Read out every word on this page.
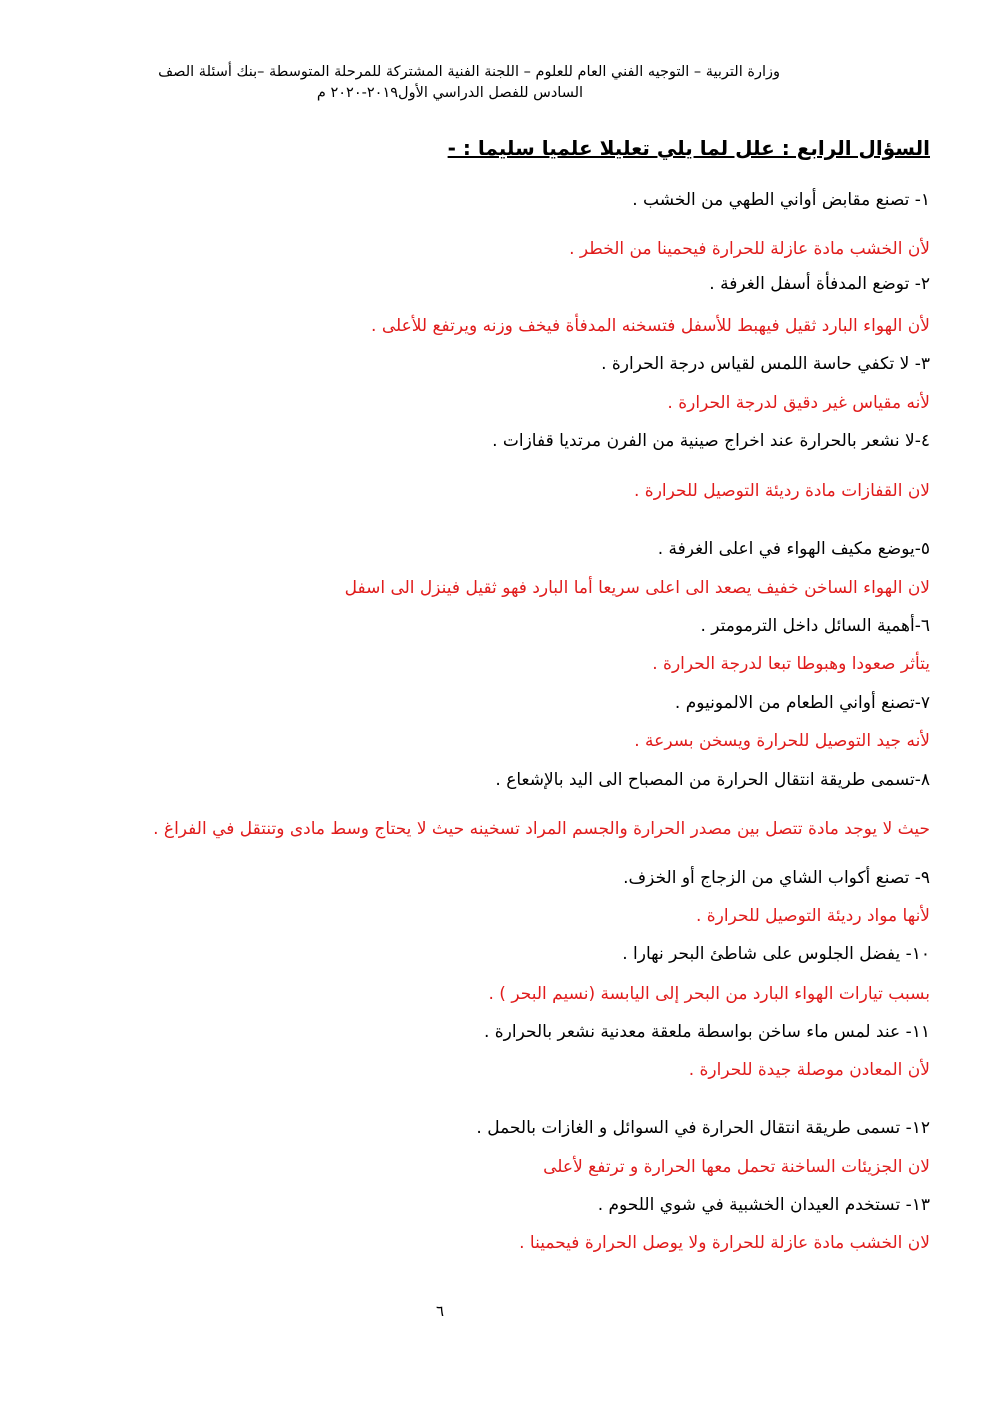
وزارة التربية – التوجيه الفني العام للعلوم – اللجنة الفنية المشتركة للمرحلة المتوسطة –بنك أسئلة الصف
السادس للفصل الدراسي الأول٢٠١٩-٢٠٢٠ م
السؤال الرابع : علل لما يلي تعليلا علميا سليما : -
١- تصنع مقابض أواني الطهي من الخشب .
لأن الخشب مادة عازلة للحرارة فيحمينا من الخطر .
٢- توضع المدفأة أسفل الغرفة .
لأن الهواء البارد ثقيل فيهبط للأسفل فتسخنه المدفأة فيخف وزنه ويرتفع للأعلى .
٣- لا تكفي حاسة اللمس لقياس درجة الحرارة .
لأنه مقياس غير دقيق لدرجة الحرارة .
٤-لا نشعر بالحرارة عند اخراج صينية من الفرن مرتديا قفازات .
لان القفازات مادة رديئة التوصيل للحرارة .
٥-يوضع مكيف الهواء في اعلى الغرفة .
لان الهواء الساخن خفيف يصعد الى اعلى سريعا أما البارد فهو ثقيل فينزل الى اسفل
٦-أهمية السائل داخل الترمومتر .
يتأثر صعودا وهبوطا تبعا لدرجة الحرارة .
٧-تصنع أواني الطعام من الالمونيوم .
لأنه جيد التوصيل للحرارة ويسخن بسرعة .
٨-تسمى طريقة انتقال الحرارة من المصباح الى اليد بالإشعاع .
حيث لا يوجد مادة تتصل بين مصدر الحرارة والجسم المراد تسخينه حيث لا يحتاج وسط مادى وتنتقل في الفراغ .
٩- تصنع أكواب الشاي من الزجاج أو الخزف.
لأنها مواد رديئة التوصيل للحرارة .
١٠- يفضل الجلوس على شاطئ البحر نهارا .
بسبب تيارات الهواء البارد من البحر إلى اليابسة (نسيم البحر ) .
١١- عند لمس ماء ساخن بواسطة ملعقة معدنية نشعر بالحرارة .
لأن المعادن موصلة جيدة للحرارة .
١٢- تسمى طريقة انتقال الحرارة في السوائل و الغازات بالحمل .
لان الجزيئات الساخنة تحمل معها الحرارة و ترتفع لأعلى
١٣- تستخدم العيدان الخشبية في شوي اللحوم .
لان الخشب مادة عازلة للحرارة ولا يوصل الحرارة فيحمينا .
٦
